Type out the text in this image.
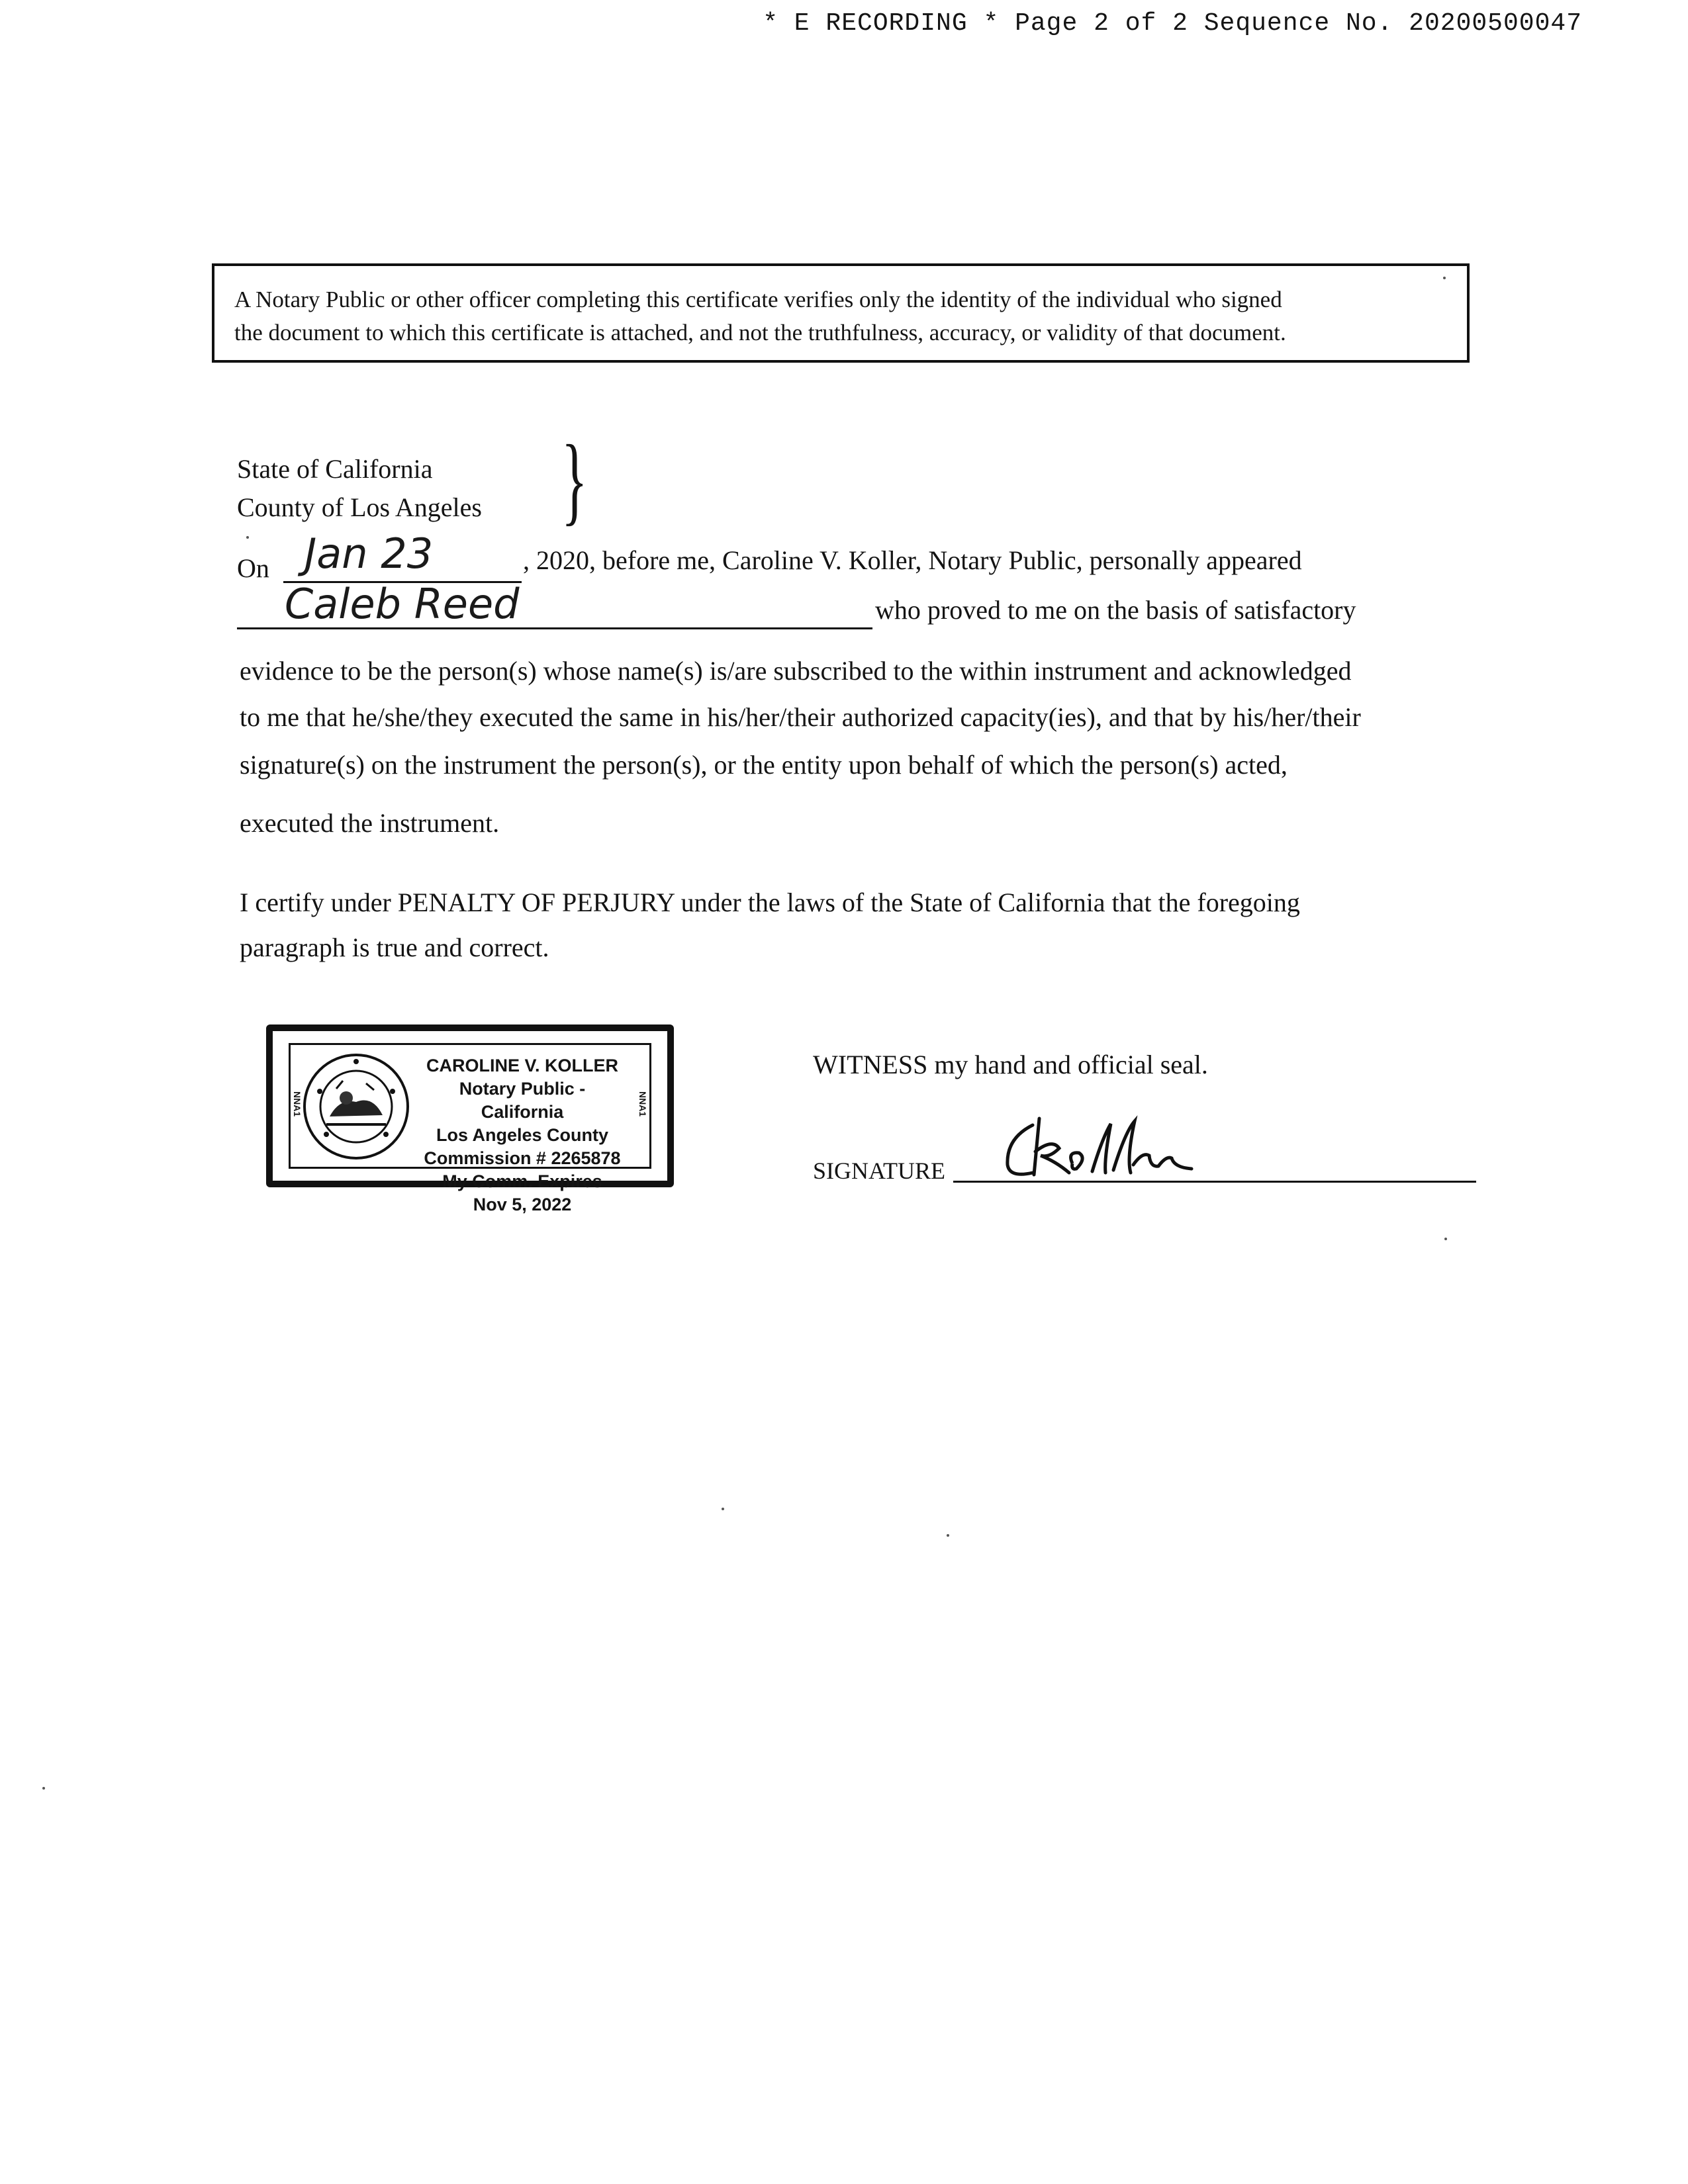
* E RECORDING * Page 2 of 2 Sequence No. 20200500047
A Notary Public or other officer completing this certificate verifies only the identity of the individual who signed
the document to which this certificate is attached, and not the truthfulness, accuracy, or validity of that document.
State of California
County of Los Angeles }
On Jan 23	, 2020, before me, Caroline V. Koller, Notary Public, personally appeared
Caleb Reed	who proved to me on the basis of satisfactory
evidence to be the person(s) whose name(s) is/are subscribed to the within instrument and acknowledged
to me that he/she/they executed the same in his/her/their authorized capacity(ies), and that by his/her/their
signature(s) on the instrument the person(s), or the entity upon behalf of which the person(s) acted,
executed the instrument.
I certify under PENALTY OF PERJURY under the laws of the State of California that the foregoing
paragraph is true and correct.
CAROLINE V. KOLLER
Notary Public - California
Los Angeles County
Commission # 2265878
My Comm. Expires Nov 5, 2022
NNA1	NNA1
WITNESS my hand and official seal.
SIGNATURE
